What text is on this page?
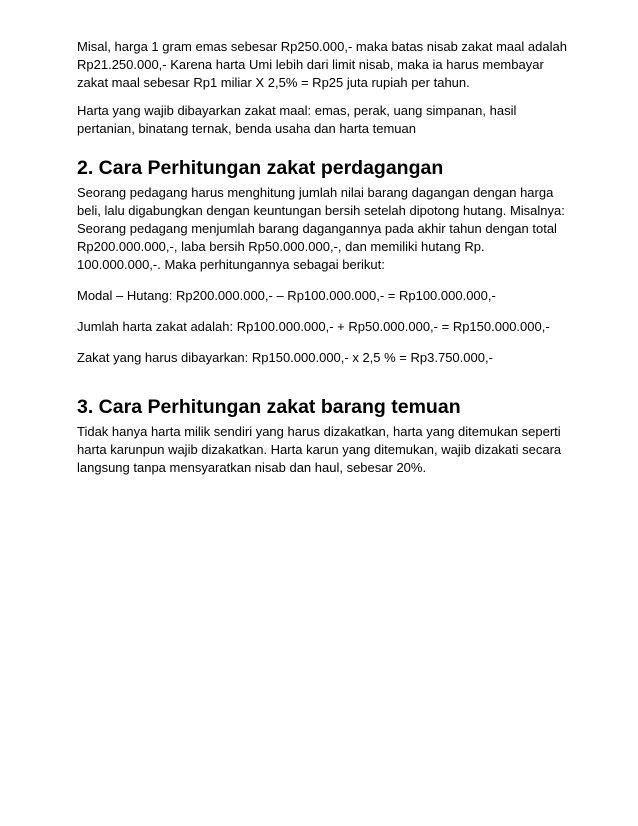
Misal, harga 1 gram emas sebesar Rp250.000,- maka batas nisab zakat maal adalah Rp21.250.000,- Karena harta Umi lebih dari limit nisab, maka ia harus membayar zakat maal sebesar Rp1 miliar X 2,5% = Rp25 juta rupiah per tahun.

Harta yang wajib dibayarkan zakat maal: emas, perak, uang simpanan, hasil pertanian, binatang ternak, benda usaha dan harta temuan

2. Cara Perhitungan zakat perdagangan

Seorang pedagang harus menghitung jumlah nilai barang dagangan dengan harga beli, lalu digabungkan dengan keuntungan bersih setelah dipotong hutang. Misalnya: Seorang pedagang menjumlah barang dagangannya pada akhir tahun dengan total Rp200.000.000,-, laba bersih Rp50.000.000,-, dan memiliki hutang Rp. 100.000.000,-. Maka perhitungannya sebagai berikut:

Modal – Hutang: Rp200.000.000,- – Rp100.000.000,- = Rp100.000.000,-

Jumlah harta zakat adalah: Rp100.000.000,- + Rp50.000.000,- = Rp150.000.000,-

Zakat yang harus dibayarkan: Rp150.000.000,- x 2,5 % = Rp3.750.000,-

3. Cara Perhitungan zakat barang temuan

Tidak hanya harta milik sendiri yang harus dizakatkan, harta yang ditemukan seperti harta karunpun wajib dizakatkan. Harta karun yang ditemukan, wajib dizakati secara langsung tanpa mensyaratkan nisab dan haul, sebesar 20%.
